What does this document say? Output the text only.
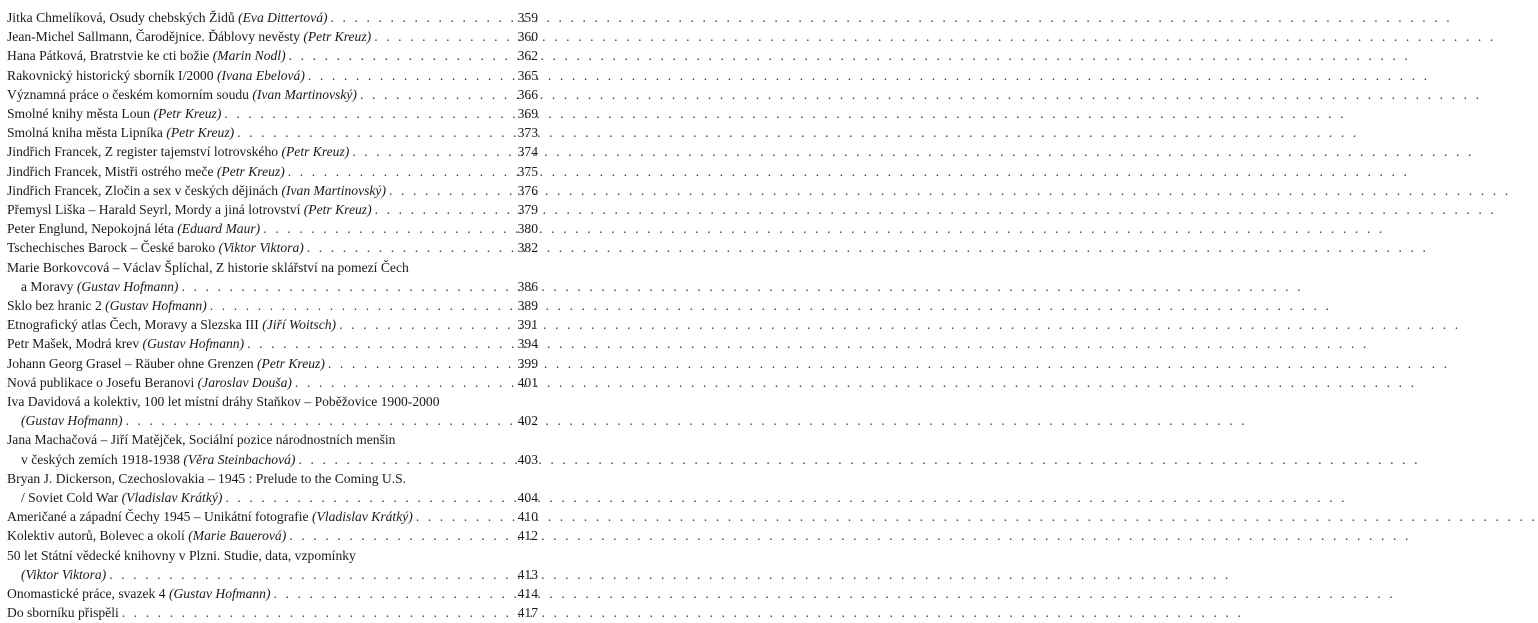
Jitka Chmelíková, Osudy chebských Židů (Eva Dittertová) . . .	359
Jean-Michel Sallmann, Čarodějnice. Ďáblovy nevěsty (Petr Kreuz) . . .	360
Hana Pátková, Bratrstvie ke cti božie (Marin Nodl) . . .	362
Rakovnický historický sborník I/2000 (Ivana Ebelová) . . .	365
Významná práce o českém komorním soudu (Ivan Martinovský) . . .	366
Smolné knihy města Loun (Petr Kreuz) . . .	369
Smolná kniha města Lipníka (Petr Kreuz) . . .	373
Jindřich Francek, Z register tajemství lotrovského (Petr Kreuz) . . .	374
Jindřich Francek, Mistři ostrého meče (Petr Kreuz) . . .	375
Jindřich Francek, Zločin a sex v českých dějinách (Ivan Martinovský) . . .	376
Přemysl Liška – Harald Seyrl, Mordy a jiná lotrovství (Petr Kreuz) . . .	379
Peter Englund, Nepokojná léta (Eduard Maur) . . .	380
Tschechisches Barock – České baroko (Viktor Viktora) . . .	382
Marie Borkovcová – Václav Šplíchal, Z historie sklářství na pomezí Čech
a Moravy (Gustav Hofmann) . . .	386
Sklo bez hranic 2 (Gustav Hofmann) . . .	389
Etnografický atlas Čech, Moravy a Slezska III (Jiří Woitsch) . . .	391
Petr Mašek, Modrá krev (Gustav Hofmann) . . .	394
Johann Georg Grasel – Räuber ohne Grenzen (Petr Kreuz) . . .	399
Nová publikace o Josefu Beranovi (Jaroslav Douša) . . .	401
Iva Davidová a kolektiv, 100 let místní dráhy Staňkov – Poběžovice 1900-2000
(Gustav Hofmann) . . .	402
Jana Machačová – Jiří Matějček, Sociální pozice národnostních menšin
v českých zemích 1918-1938 (Věra Steinbachová) . . .	403
Bryan J. Dickerson, Czechoslovakia – 1945 : Prelude to the Coming U.S.
/ Soviet Cold War (Vladislav Krátký) . . .	404
Američané a západní Čechy 1945 – Unikátní fotografie (Vladislav Krátký) . . .	410
Kolektiv autorů, Bolevec a okolí (Marie Bauerová) . . .	412
50 let Státní vědecké knihovny v Plzni. Studie, data, vzpomínky
(Viktor Viktora) . . .	413
Onomastické práce, svazek 4 (Gustav Hofmann) . . .	414
Do sborníku přispěli . . .	417
